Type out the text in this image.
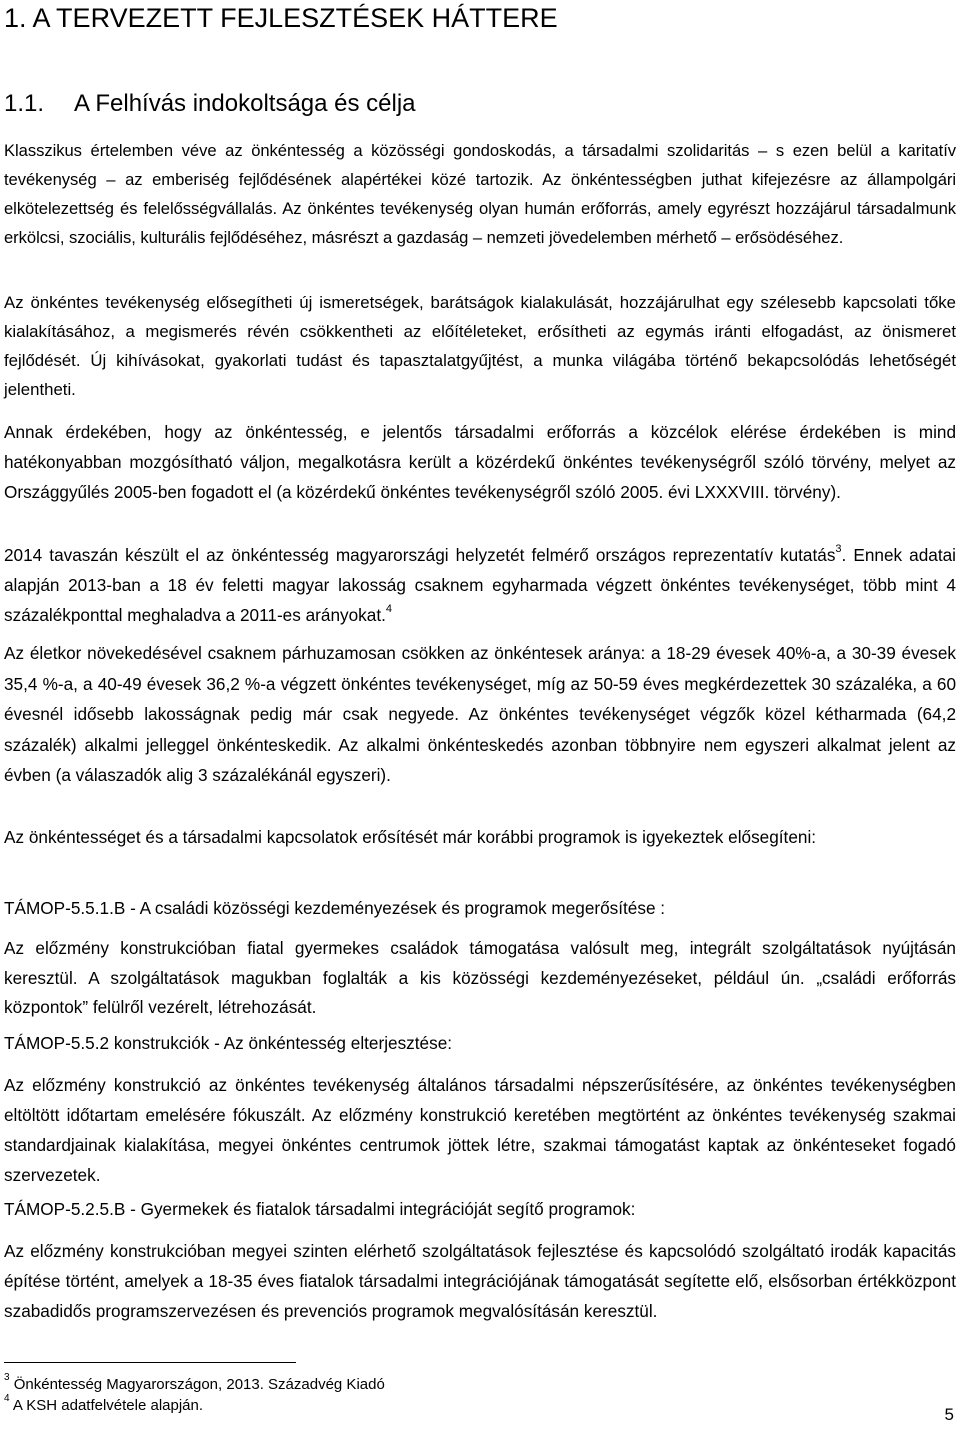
1. A TERVEZETT FEJLESZTÉSEK HÁTTERE
1.1. A Felhívás indokoltsága és célja

Klasszikus értelemben véve az önkéntesség a közösségi gondoskodás, a társadalmi szolidaritás – s ezen belül a karitatív tevékenység – az emberiség fejlődésének alapértékei közé tartozik. Az önkéntességben juthat kifejezésre az állampolgári elkötelezettség és felelősségvállalás. Az önkéntes tevékenység olyan humán erőforrás, amely egyrészt hozzájárul társadalmunk erkölcsi, szociális, kulturális fejlődéséhez, másrészt a gazdaság – nemzeti jövedelemben mérhető – erősödéséhez.

Az önkéntes tevékenység elősegítheti új ismeretségek, barátságok kialakulását, hozzájárulhat egy szélesebb kapcsolati tőke kialakításához, a megismerés révén csökkentheti az előítéleteket, erősítheti az egymás iránti elfogadást, az önismeret fejlődését. Új kihívásokat, gyakorlati tudást és tapasztalatgyűjtést, a munka világába történő bekapcsolódás lehetőségét jelentheti.

Annak érdekében, hogy az önkéntesség, e jelentős társadalmi erőforrás a közcélok elérése érdekében is mind hatékonyabban mozgósítható váljon, megalkotásra került a közérdekű önkéntes tevékenységről szóló törvény, melyet az Országgyűlés 2005-ben fogadott el (a közérdekű önkéntes tevékenységről szóló 2005. évi LXXXVIII. törvény).

2014 tavaszán készült el az önkéntesség magyarországi helyzetét felmérő országos reprezentatív kutatás$^3$. Ennek adatai alapján 2013-ban a 18 év feletti magyar lakosság csaknem egyharmada végzett önkéntes tevékenységet, több mint 4 százalékponttal meghaladva a 2011-es arányokat.$^4$

Az életkor növekedésével csaknem párhuzamosan csökken az önkéntesek aránya: a 18-29 évesek 40%-a, a 30-39 évesek 35,4 %-a, a 40-49 évesek 36,2 %-a végzett önkéntes tevékenységet, míg az 50-59 éves megkérdezettek 30 százaléka, a 60 évesnél idősebb lakosságnak pedig már csak negyede. Az önkéntes tevékenységet végzők közel kétharmada (64,2 százalék) alkalmi jelleggel önkénteskedik. Az alkalmi önkénteskedés azonban többnyire nem egyszeri alkalmat jelent az évben (a válaszadók alig 3 százalékánál egyszeri).

Az önkéntességet és a társadalmi kapcsolatok erősítését már korábbi programok is igyekeztek elősegíteni:

TÁMOP-5.5.1.B - A családi közösségi kezdeményezések és programok megerősítése :

Az előzmény konstrukcióban fiatal gyermekes családok támogatása valósult meg, integrált szolgáltatások nyújtásán keresztül. A szolgáltatások magukban foglalták a kis közösségi kezdeményezéseket, például ún. „családi erőforrás központok” felülről vezérelt, létrehozását.

TÁMOP-5.5.2 konstrukciók - Az önkéntesség elterjesztése:

Az előzmény konstrukció az önkéntes tevékenység általános társadalmi népszerűsítésére, az önkéntes tevékenységben eltöltött időtartam emelésére fókuszált. Az előzmény konstrukció keretében megtörtént az önkéntes tevékenység szakmai standardjainak kialakítása, megyei önkéntes centrumok jöttek létre, szakmai támogatást kaptak az önkénteseket fogadó szervezetek.

TÁMOP-5.2.5.B - Gyermekek és fiatalok társadalmi integrációját segítő programok:

Az előzmény konstrukcióban megyei szinten elérhető szolgáltatások fejlesztése és kapcsolódó szolgáltató irodák kapacitás építése történt, amelyek a 18-35 éves fiatalok társadalmi integrációjának támogatását segítette elő, elsősorban értékközpont szabadidős programszervezésen és prevenciós programok megvalósításán keresztül.

$^3$ Önkéntesség Magyarországon, 2013. Századvég Kiadó
$^4$ A KSH adatfelvétele alapján.	5
